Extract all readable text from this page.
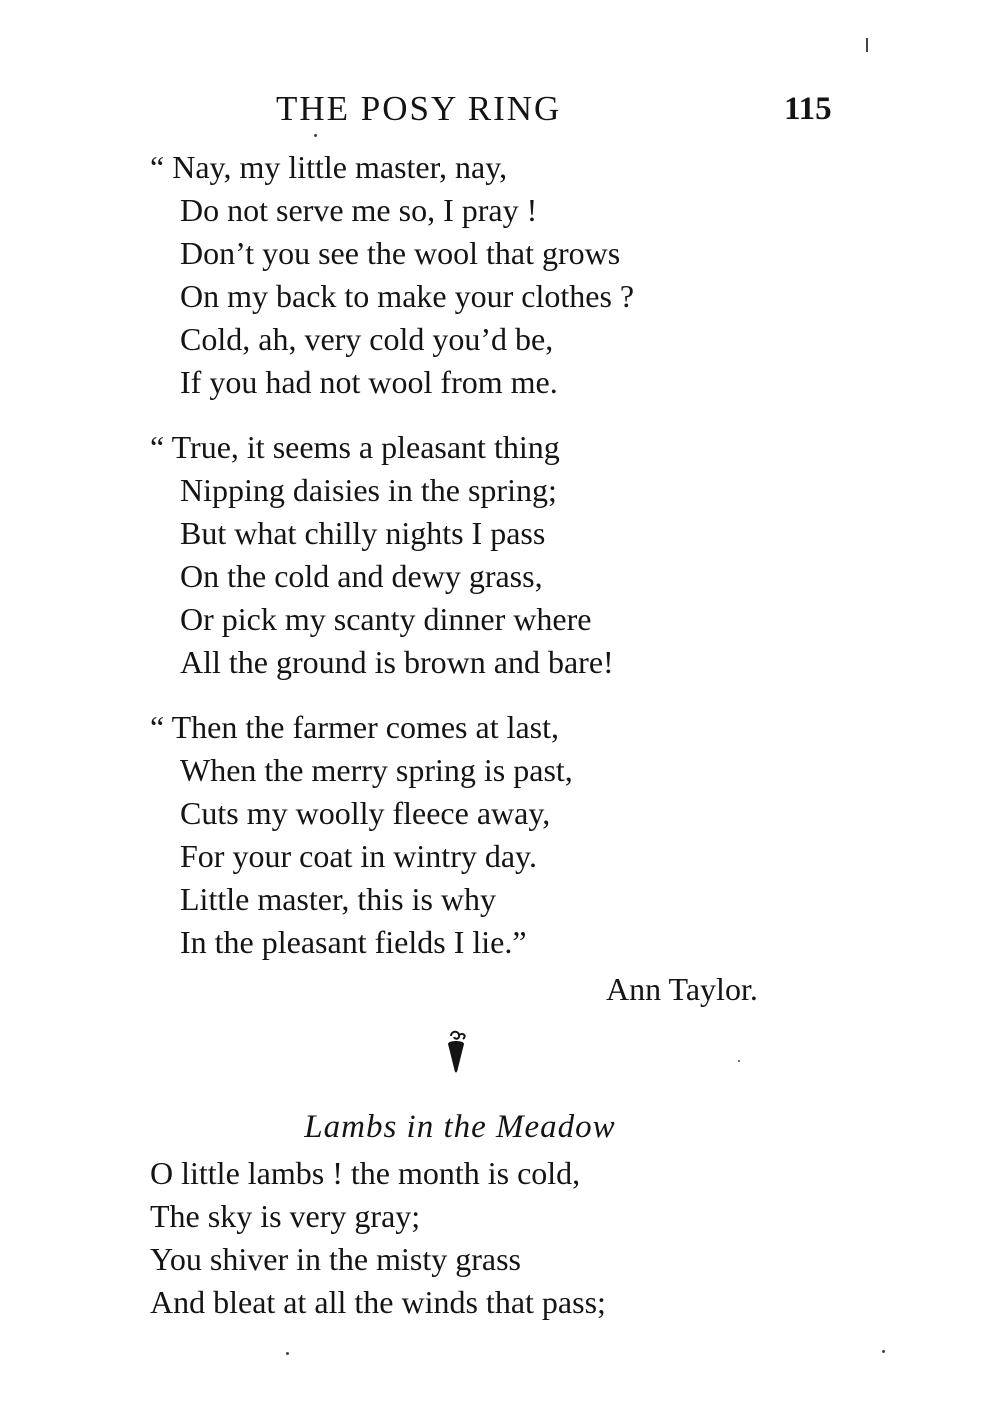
THE POSY RING	115
“ Nay, my little master, nay,
Do not serve me so, I pray !
Don’t you see the wool that grows
On my back to make your clothes ?
Cold, ah, very cold you’d be,
If you had not wool from me.
“ True, it seems a pleasant thing
Nipping daisies in the spring;
But what chilly nights I pass
On the cold and dewy grass,
Or pick my scanty dinner where
All the ground is brown and bare!
“ Then the farmer comes at last,
When the merry spring is past,
Cuts my woolly fleece away,
For your coat in wintry day.
Little master, this is why
In the pleasant fields I lie.”
Ann Taylor.
Lambs in the Meadow
O little lambs ! the month is cold,
The sky is very gray;
You shiver in the misty grass
And bleat at all the winds that pass;
